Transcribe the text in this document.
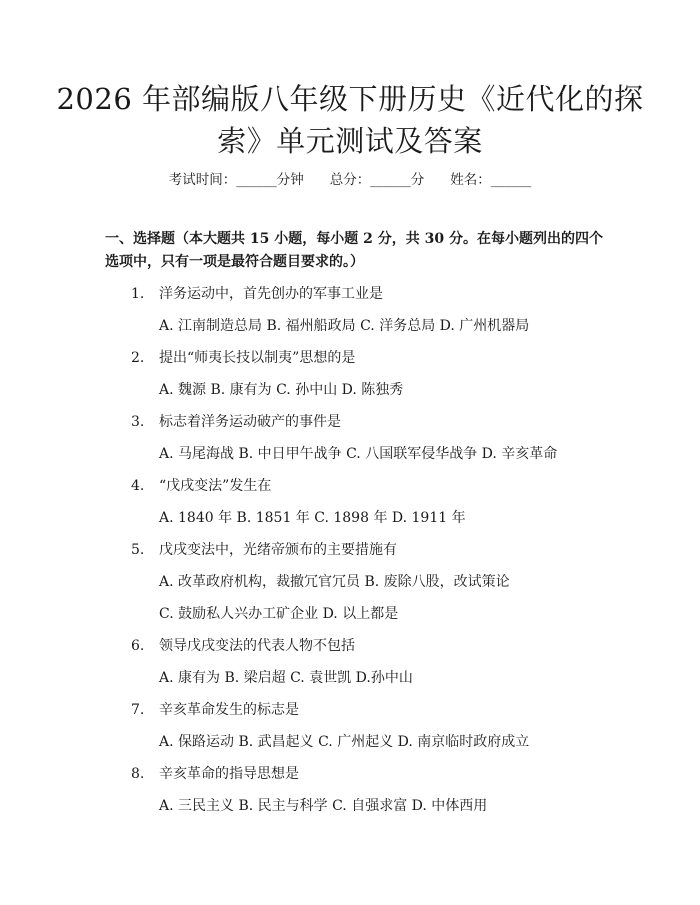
2026 年部编版八年级下册历史《近代化的探
索》单元测试及答案
考试时间：______分钟 总分：______分 姓名：______
一、选择题（本大题共 15 小题，每小题 2 分，共 30 分。在每小题列出的四个选项中，只有一项是最符合题目要求的。）
1. 洋务运动中，首先创办的军事工业是
A. 江南制造总局 B. 福州船政局 C. 洋务总局 D. 广州机器局
2. 提出“师夷长技以制夷”思想的是
A. 魏源 B. 康有为 C. 孙中山 D. 陈独秀
3. 标志着洋务运动破产的事件是
A. 马尾海战 B. 中日甲午战争 C. 八国联军侵华战争 D. 辛亥革命
4. “戊戌变法”发生在
A. 1840 年 B. 1851 年 C. 1898 年 D. 1911 年
5. 戊戌变法中，光绪帝颁布的主要措施有
A. 改革政府机构，裁撤冗官冗员 B. 废除八股，改试策论
C. 鼓励私人兴办工矿企业 D. 以上都是
6. 领导戊戌变法的代表人物不包括
A. 康有为 B. 梁启超 C. 袁世凯 D.孙中山
7. 辛亥革命发生的标志是
A. 保路运动 B. 武昌起义 C. 广州起义 D. 南京临时政府成立
8. 辛亥革命的指导思想是
A. 三民主义 B. 民主与科学 C. 自强求富 D. 中体西用
